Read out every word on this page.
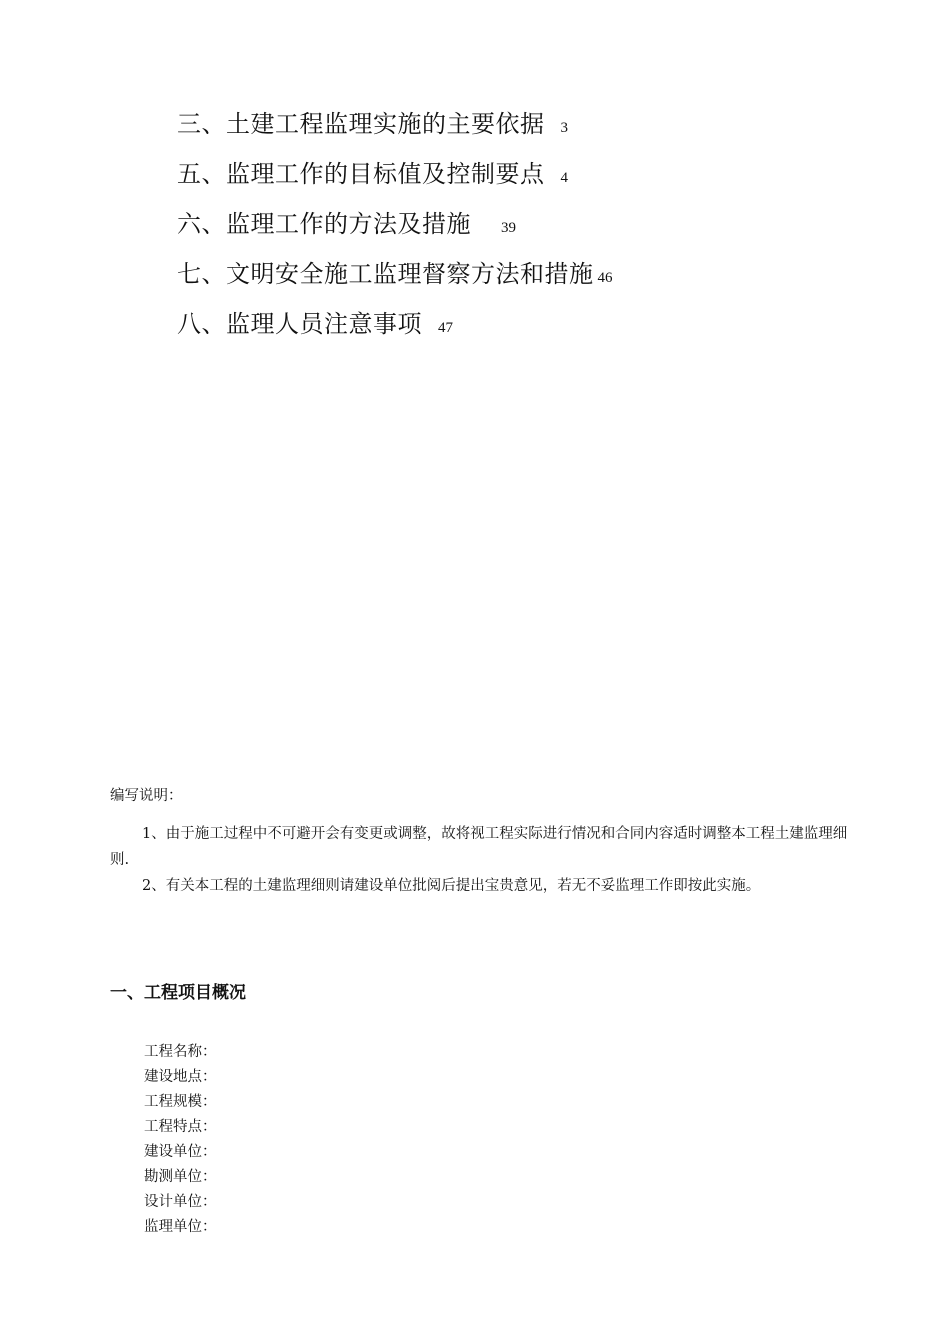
三、土建工程监理实施的主要依据 3
五、监理工作的目标值及控制要点 4
六、监理工作的方法及措施 39
七、文明安全施工监理督察方法和措施 46
八、监理人员注意事项 47
编写说明：

1、由于施工过程中不可避开会有变更或调整，故将视工程实际进行情况和合同内容适时调整本工程土建监理细则.

2、有关本工程的土建监理细则请建设单位批阅后提出宝贵意见，若无不妥监理工作即按此实施。

一、工程项目概况
工程名称：
建设地点：
工程规模：
工程特点：
建设单位：
勘测单位：
设计单位：
监理单位：
